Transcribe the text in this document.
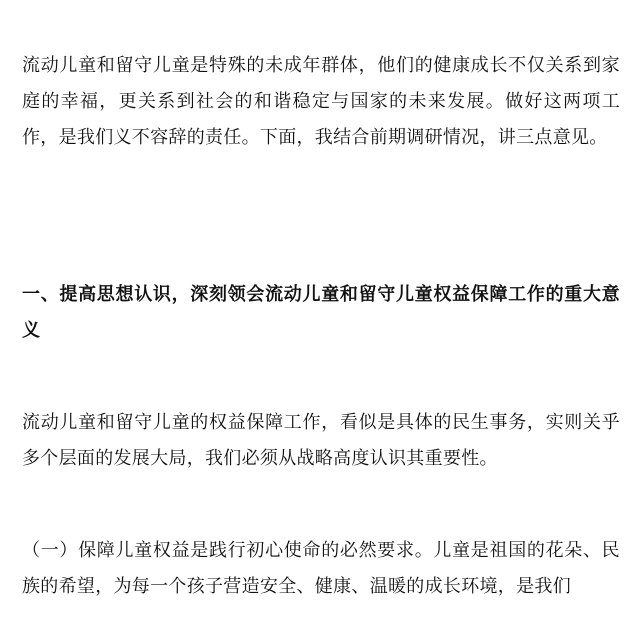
流动儿童和留守儿童是特殊的未成年群体，他们的健康成长不仅关系到家庭的幸福，更关系到社会的和谐稳定与国家的未来发展。做好这两项工作，是我们义不容辞的责任。下面，我结合前期调研情况，讲三点意见。

一、提高思想认识，深刻领会流动儿童和留守儿童权益保障工作的重大意义

流动儿童和留守儿童的权益保障工作，看似是具体的民生事务，实则关乎多个层面的发展大局，我们必须从战略高度认识其重要性。

（一）保障儿童权益是践行初心使命的必然要求。儿童是祖国的花朵、民族的希望，为每一个孩子营造安全、健康、温暖的成长环境，是我们
